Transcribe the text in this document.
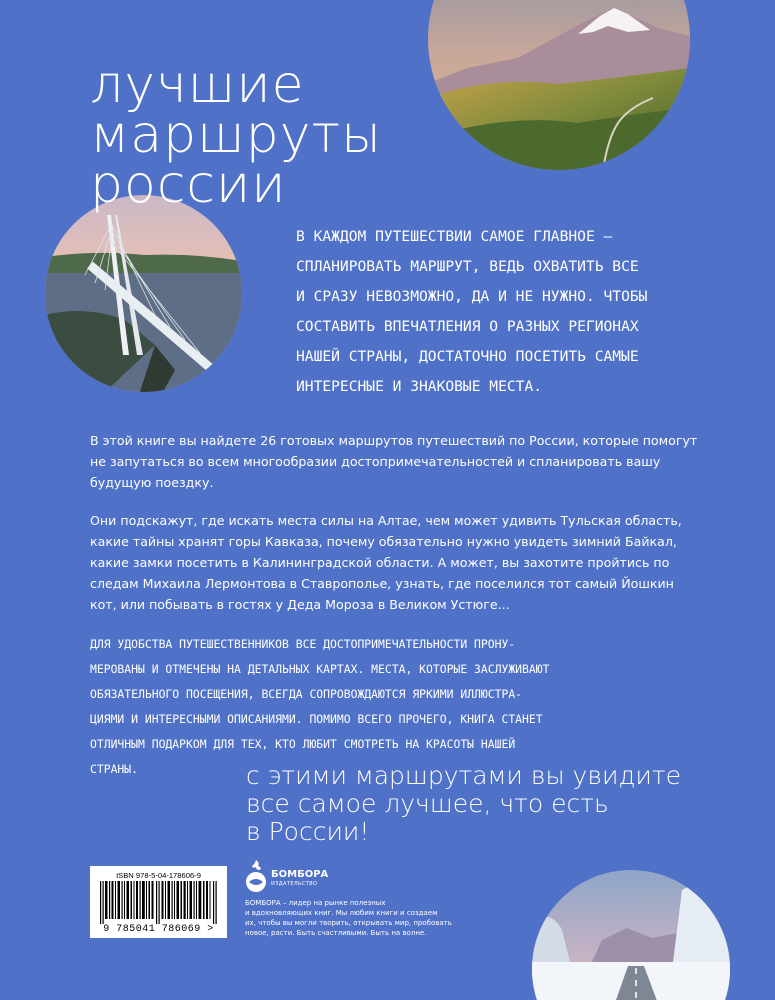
лучшие
маршруты
россии

В КАЖДОМ ПУТЕШЕСТВИИ САМОЕ ГЛАВНОЕ –
СПЛАНИРОВАТЬ МАРШРУТ, ВЕДЬ ОХВАТИТЬ ВСЕ
И СРАЗУ НЕВОЗМОЖНО, ДА И НЕ НУЖНО. ЧТОБЫ
СОСТАВИТЬ ВПЕЧАТЛЕНИЯ О РАЗНЫХ РЕГИОНАХ
НАШЕЙ СТРАНЫ, ДОСТАТОЧНО ПОСЕТИТЬ САМЫЕ
ИНТЕРЕСНЫЕ И ЗНАКОВЫЕ МЕСТА.

В этой книге вы найдете 26 готовых маршрутов путешествий по России, которые помогут
не запутаться во всем многообразии достопримечательностей и спланировать вашу
будущую поездку.

Они подскажут, где искать места силы на Алтае, чем может удивить Тульская область,
какие тайны хранят горы Кавказа, почему обязательно нужно увидеть зимний Байкал,
какие замки посетить в Калининградской области. А может, вы захотите пройтись по
следам Михаила Лермонтова в Ставрополье, узнать, где поселился тот самый Йошкин
кот, или побывать в гостях у Деда Мороза в Великом Устюге...

ДЛЯ УДОБСТВА ПУТЕШЕСТВЕННИКОВ ВСЕ ДОСТОПРИМЕЧАТЕЛЬНОСТИ ПРОНУ-
МЕРОВАНЫ И ОТМЕЧЕНЫ НА ДЕТАЛЬНЫХ КАРТАХ. МЕСТА, КОТОРЫЕ ЗАСЛУЖИВАЮТ
ОБЯЗАТЕЛЬНОГО ПОСЕЩЕНИЯ, ВСЕГДА СОПРОВОЖДАЮТСЯ ЯРКИМИ ИЛЛЮСТРА-
ЦИЯМИ И ИНТЕРЕСНЫМИ ОПИСАНИЯМИ. ПОМИМО ВСЕГО ПРОЧЕГО, КНИГА СТАНЕТ
ОТЛИЧНЫМ ПОДАРКОМ ДЛЯ ТЕХ, КТО ЛЮБИТ СМОТРЕТЬ НА КРАСОТЫ НАШЕЙ
СТРАНЫ.	с этими маршрутами вы увидите
все самое лучшее, что есть
в России!

ISBN 978-5-04-178606-9
9 785041 786069 >
БОМБОРА
ИЗДАТЕЛЬСТВО

БОМБОРА – лидер на рынке полезных
и вдохновляющих книг. Мы любим книги и создаем
их, чтобы вы могли творить, открывать мир, пробовать
новое, расти. Быть счастливыми. Быть на волне.
